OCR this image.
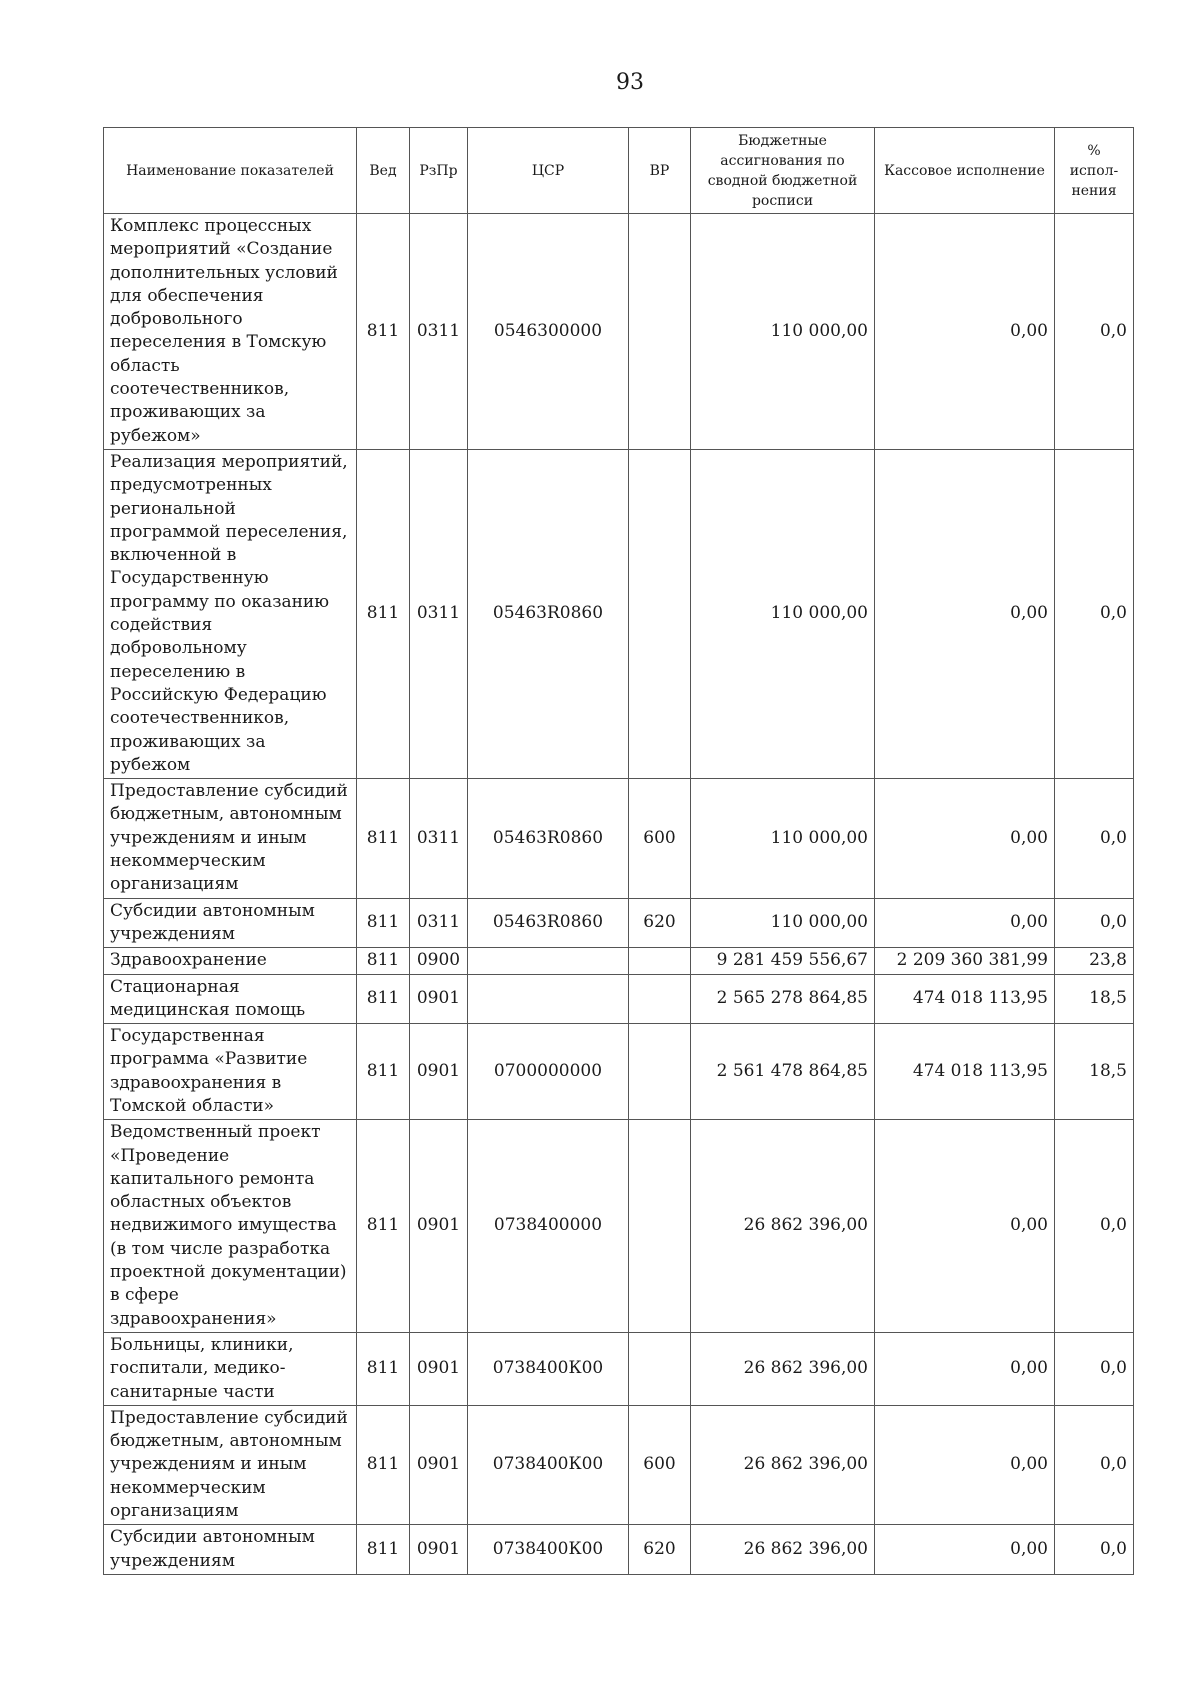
93
Наименование показателей	Вед	РзПр	ЦСР	ВР	Бюджетные ассигнования по сводной бюджетной росписи	Кассовое исполнение	% испол-нения
Комплекс процессных мероприятий «Создание дополнительных условий для обеспечения добровольного переселения в Томскую область соотечественников, проживающих за рубежом»	811	0311	0546300000		110 000,00	0,00	0,0
Реализация мероприятий, предусмотренных региональной программой переселения, включенной в Государственную программу по оказанию содействия добровольному переселению в Российскую Федерацию соотечественников, проживающих за рубежом	811	0311	05463R0860		110 000,00	0,00	0,0
Предоставление субсидий бюджетным, автономным учреждениям и иным некоммерческим организациям	811	0311	05463R0860	600	110 000,00	0,00	0,0
Субсидии автономным учреждениям	811	0311	05463R0860	620	110 000,00	0,00	0,0
Здравоохранение	811	0900			9 281 459 556,67	2 209 360 381,99	23,8
Стационарная медицинская помощь	811	0901			2 565 278 864,85	474 018 113,95	18,5
Государственная программа «Развитие здравоохранения в Томской области»	811	0901	0700000000		2 561 478 864,85	474 018 113,95	18,5
Ведомственный проект «Проведение капитального ремонта областных объектов недвижимого имущества (в том числе разработка проектной документации) в сфере здравоохранения»	811	0901	0738400000		26 862 396,00	0,00	0,0
Больницы, клиники, госпитали, медико-санитарные части	811	0901	0738400К00		26 862 396,00	0,00	0,0
Предоставление субсидий бюджетным, автономным учреждениям и иным некоммерческим организациям	811	0901	0738400К00	600	26 862 396,00	0,00	0,0
Субсидии автономным учреждениям	811	0901	0738400К00	620	26 862 396,00	0,00	0,0
